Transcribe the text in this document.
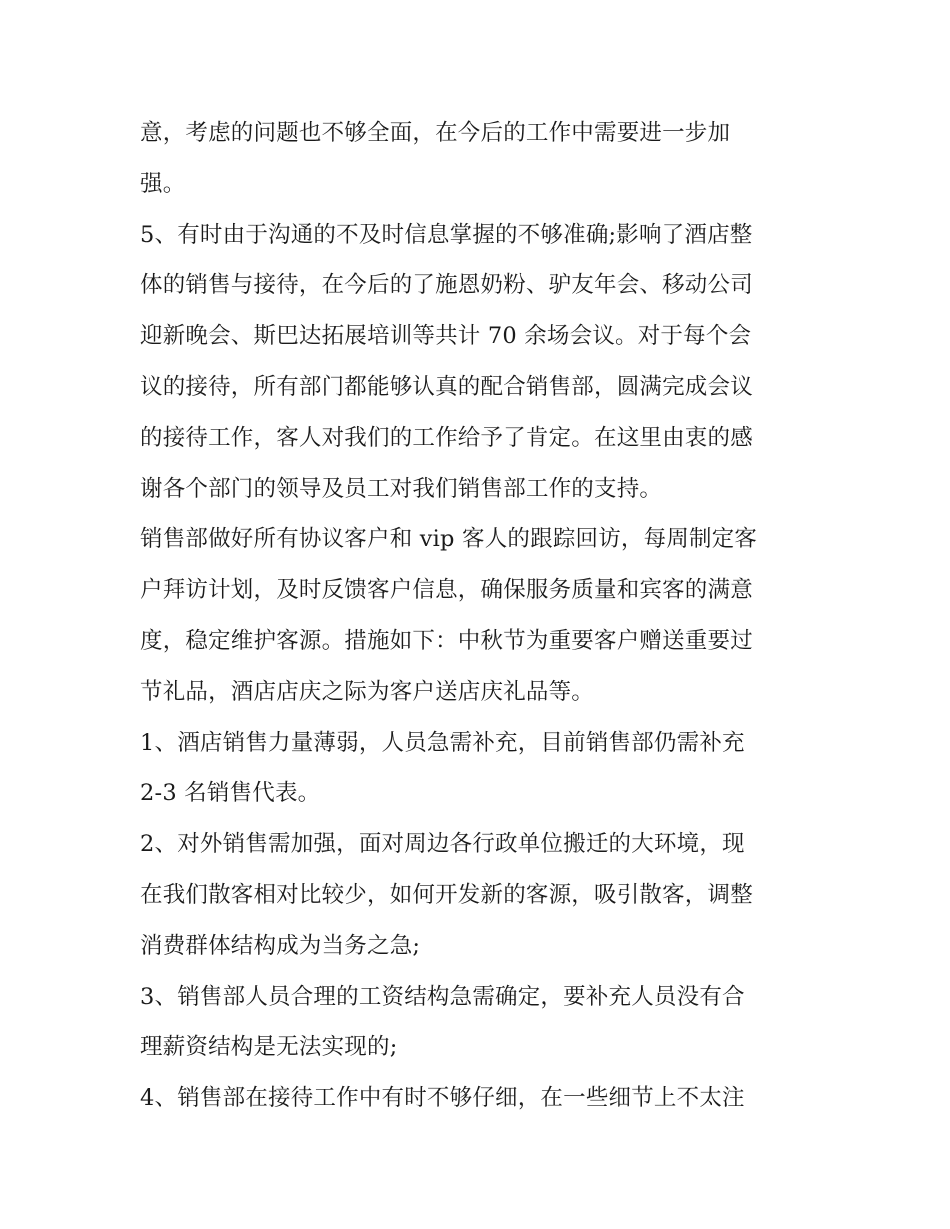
意，考虑的问题也不够全面，在今后的工作中需要进一步加
强。
5、有时由于沟通的不及时信息掌握的不够准确;影响了酒店整
体的销售与接待，在今后的了施恩奶粉、驴友年会、移动公司
迎新晚会、斯巴达拓展培训等共计 70 余场会议。对于每个会
议的接待，所有部门都能够认真的配合销售部，圆满完成会议
的接待工作，客人对我们的工作给予了肯定。在这里由衷的感
谢各个部门的领导及员工对我们销售部工作的支持。
销售部做好所有协议客户和 vip 客人的跟踪回访，每周制定客
户拜访计划，及时反馈客户信息，确保服务质量和宾客的满意
度，稳定维护客源。措施如下：中秋节为重要客户赠送重要过
节礼品，酒店店庆之际为客户送店庆礼品等。
1、酒店销售力量薄弱，人员急需补充，目前销售部仍需补充
2-3 名销售代表。
2、对外销售需加强，面对周边各行政单位搬迁的大环境，现
在我们散客相对比较少，如何开发新的客源，吸引散客，调整
消费群体结构成为当务之急;
3、销售部人员合理的工资结构急需确定，要补充人员没有合
理薪资结构是无法实现的;
4、销售部在接待工作中有时不够仔细，在一些细节上不太注
